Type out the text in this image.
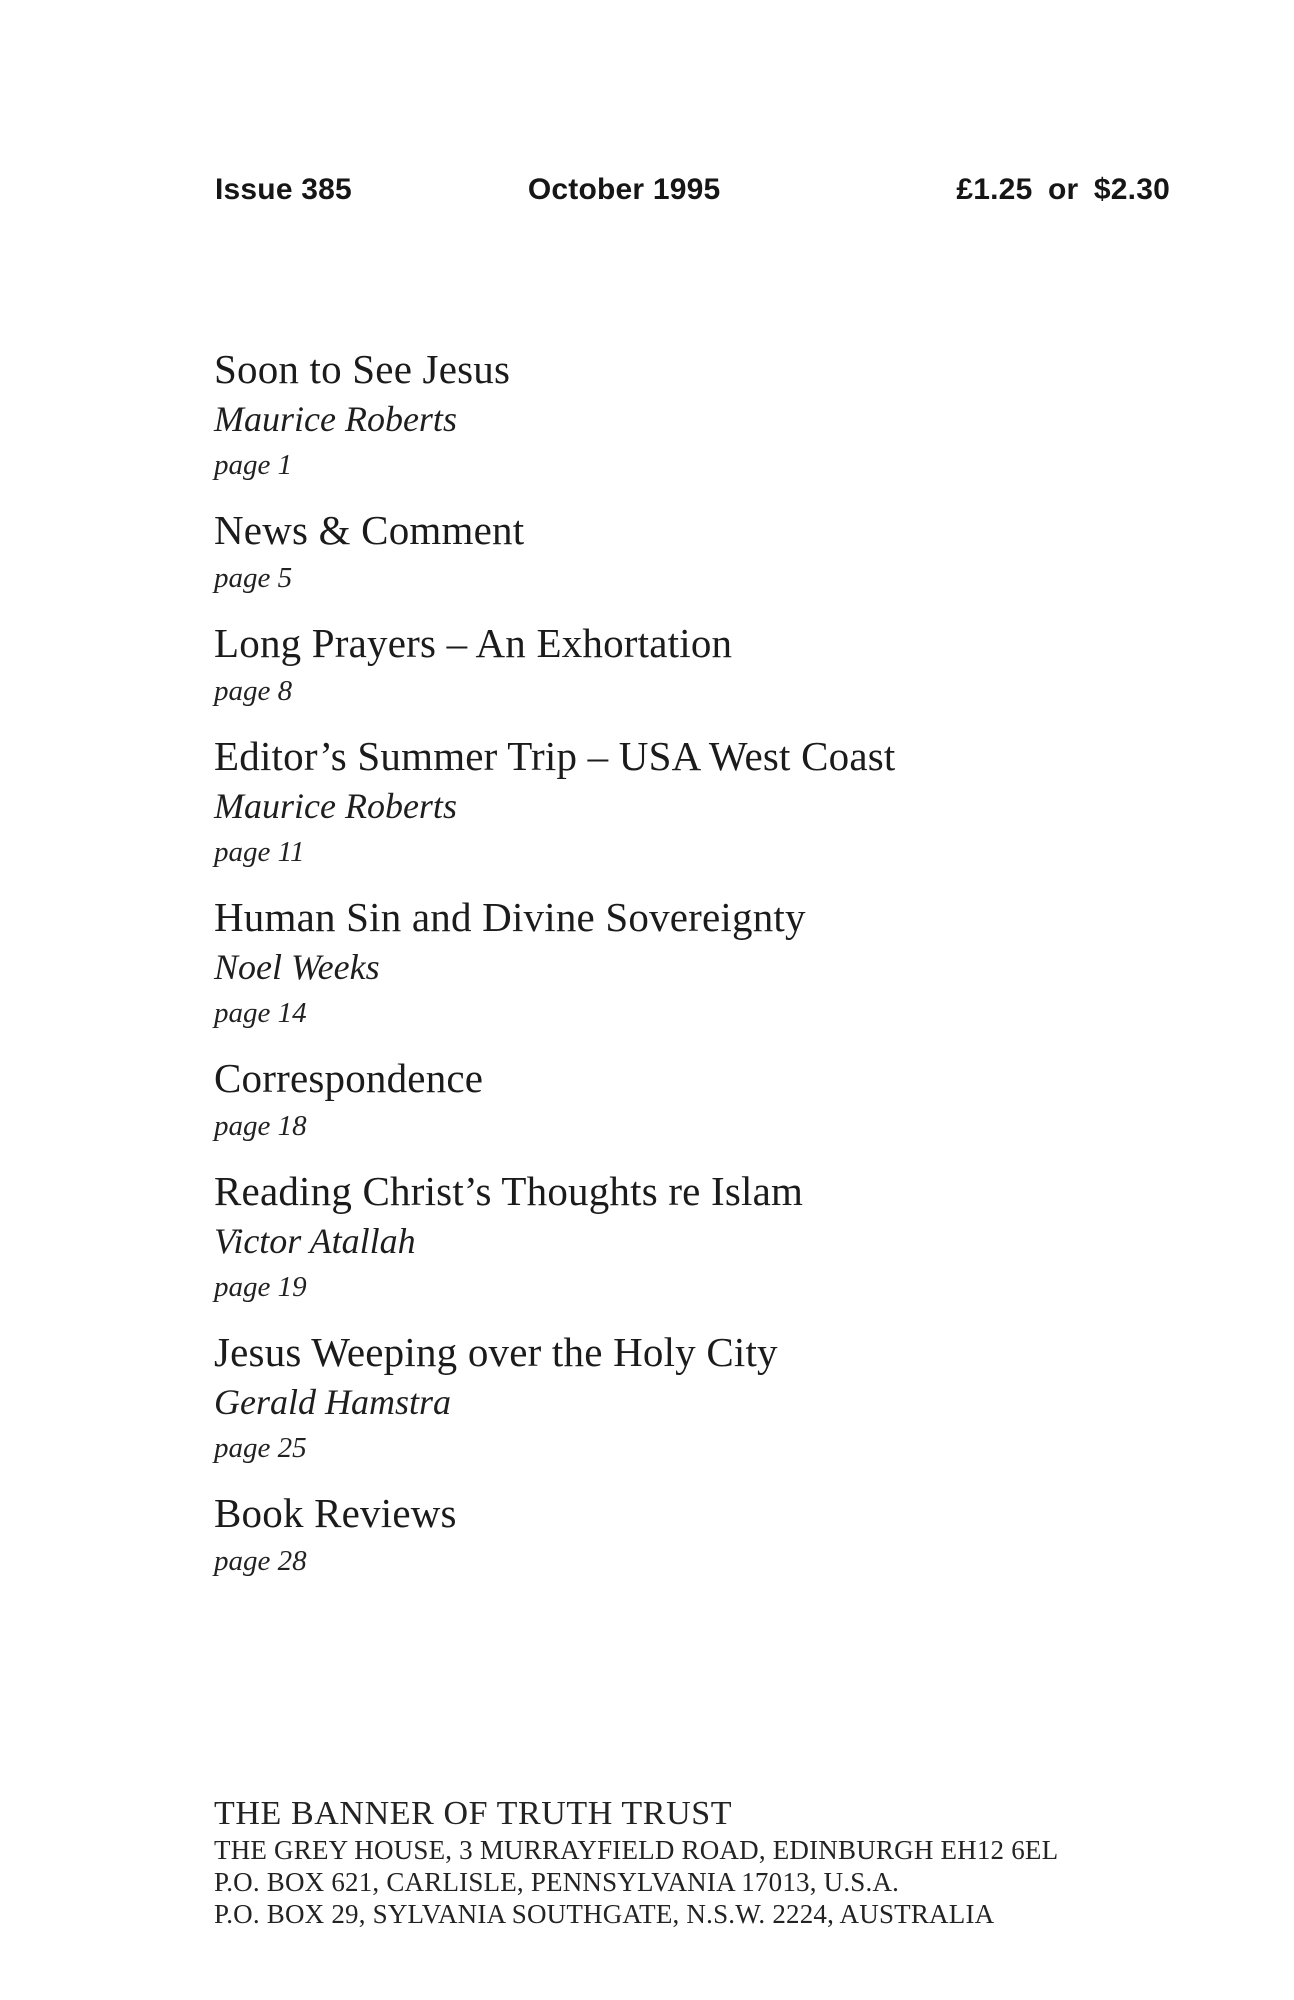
Issue 385	October 1995	£1.25 or $2.30
Soon to See Jesus

Maurice Roberts

page 1

News & Comment

page 5

Long Prayers – An Exhortation

page 8

Editor’s Summer Trip – USA West Coast

Maurice Roberts

page 11

Human Sin and Divine Sovereignty

Noel Weeks

page 14

Correspondence

page 18

Reading Christ’s Thoughts re Islam

Victor Atallah

page 19

Jesus Weeping over the Holy City

Gerald Hamstra

page 25

Book Reviews

page 28

THE BANNER OF TRUTH TRUST
THE GREY HOUSE, 3 MURRAYFIELD ROAD, EDINBURGH EH12 6EL
P.O. BOX 621, CARLISLE, PENNSYLVANIA 17013, U.S.A.
P.O. BOX 29, SYLVANIA SOUTHGATE, N.S.W. 2224, AUSTRALIA
